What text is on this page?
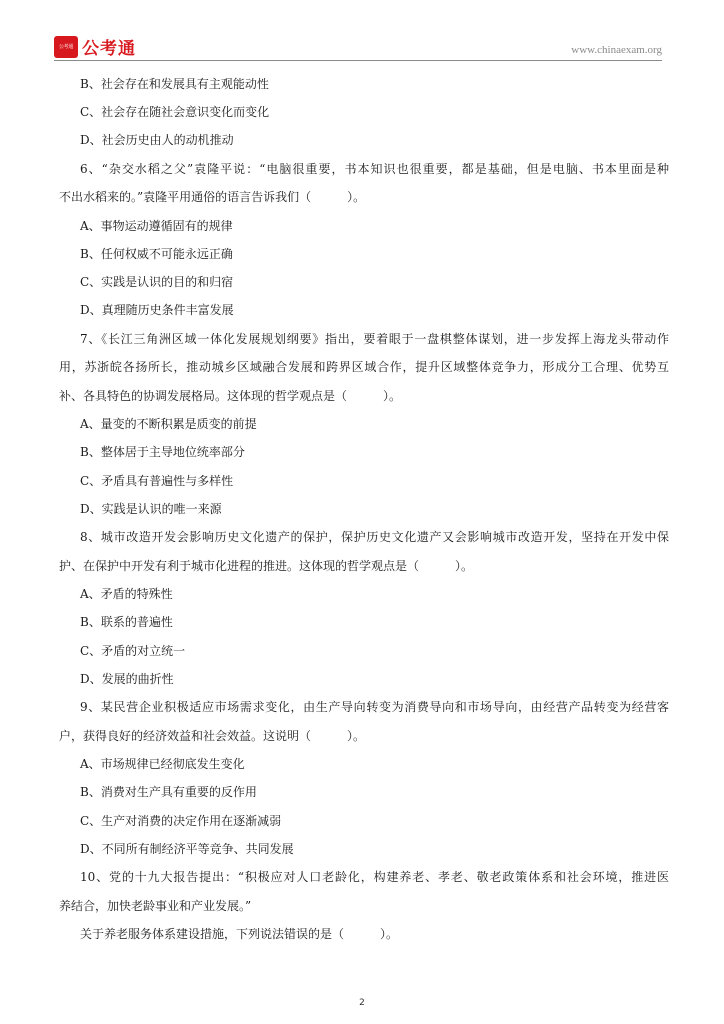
公考通 公考通	www.chinaexam.org
B、社会存在和发展具有主观能动性
C、社会存在随社会意识变化而变化
D、社会历史由人的动机推动
6、“杂交水稻之父”袁隆平说：“电脑很重要，书本知识也很重要，都是基础，但是电脑、书本里面是种
不出水稻来的。”袁隆平用通俗的语言告诉我们（　　　）。
A、事物运动遵循固有的规律
B、任何权威不可能永远正确
C、实践是认识的目的和归宿
D、真理随历史条件丰富发展
7、《长江三角洲区域一体化发展规划纲要》指出，要着眼于一盘棋整体谋划，进一步发挥上海龙头带动作
用，苏浙皖各扬所长，推动城乡区域融合发展和跨界区域合作，提升区域整体竞争力，形成分工合理、优势互
补、各具特色的协调发展格局。这体现的哲学观点是（　　　）。
A、量变的不断积累是质变的前提
B、整体居于主导地位统率部分
C、矛盾具有普遍性与多样性
D、实践是认识的唯一来源
8、城市改造开发会影响历史文化遗产的保护，保护历史文化遗产又会影响城市改造开发，坚持在开发中保
护、在保护中开发有利于城市化进程的推进。这体现的哲学观点是（　　　）。
A、矛盾的特殊性
B、联系的普遍性
C、矛盾的对立统一
D、发展的曲折性
9、某民营企业积极适应市场需求变化，由生产导向转变为消费导向和市场导向，由经营产品转变为经营客
户，获得良好的经济效益和社会效益。这说明（　　　）。
A、市场规律已经彻底发生变化
B、消费对生产具有重要的反作用
C、生产对消费的决定作用在逐渐减弱
D、不同所有制经济平等竞争、共同发展
10、党的十九大报告提出：“积极应对人口老龄化，构建养老、孝老、敬老政策体系和社会环境，推进医
养结合，加快老龄事业和产业发展。”
关于养老服务体系建设措施，下列说法错误的是（　　　）。
2
